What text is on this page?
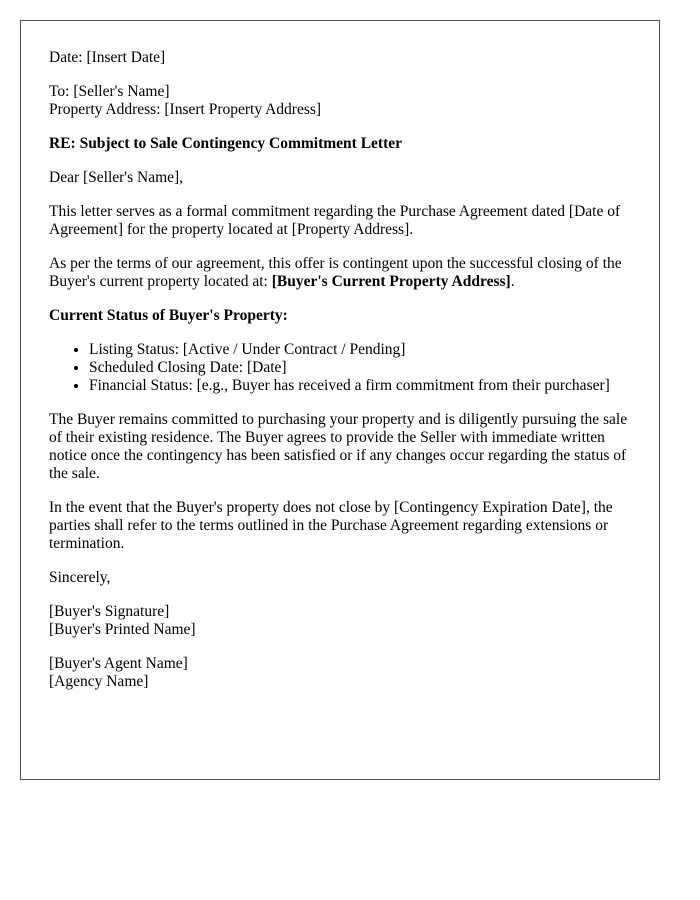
Date: [Insert Date]

To: [Seller's Name]
Property Address: [Insert Property Address]

RE: Subject to Sale Contingency Commitment Letter

Dear [Seller's Name],

This letter serves as a formal commitment regarding the Purchase Agreement dated [Date of Agreement] for the property located at [Property Address].

As per the terms of our agreement, this offer is contingent upon the successful closing of the Buyer's current property located at: [Buyer's Current Property Address].

Current Status of Buyer's Property:

• Listing Status: [Active / Under Contract / Pending]
• Scheduled Closing Date: [Date]
• Financial Status: [e.g., Buyer has received a firm commitment from their purchaser]

The Buyer remains committed to purchasing your property and is diligently pursuing the sale of their existing residence. The Buyer agrees to provide the Seller with immediate written notice once the contingency has been satisfied or if any changes occur regarding the status of the sale.

In the event that the Buyer's property does not close by [Contingency Expiration Date], the parties shall refer to the terms outlined in the Purchase Agreement regarding extensions or termination.

Sincerely,

[Buyer's Signature]
[Buyer's Printed Name]

[Buyer's Agent Name]
[Agency Name]
